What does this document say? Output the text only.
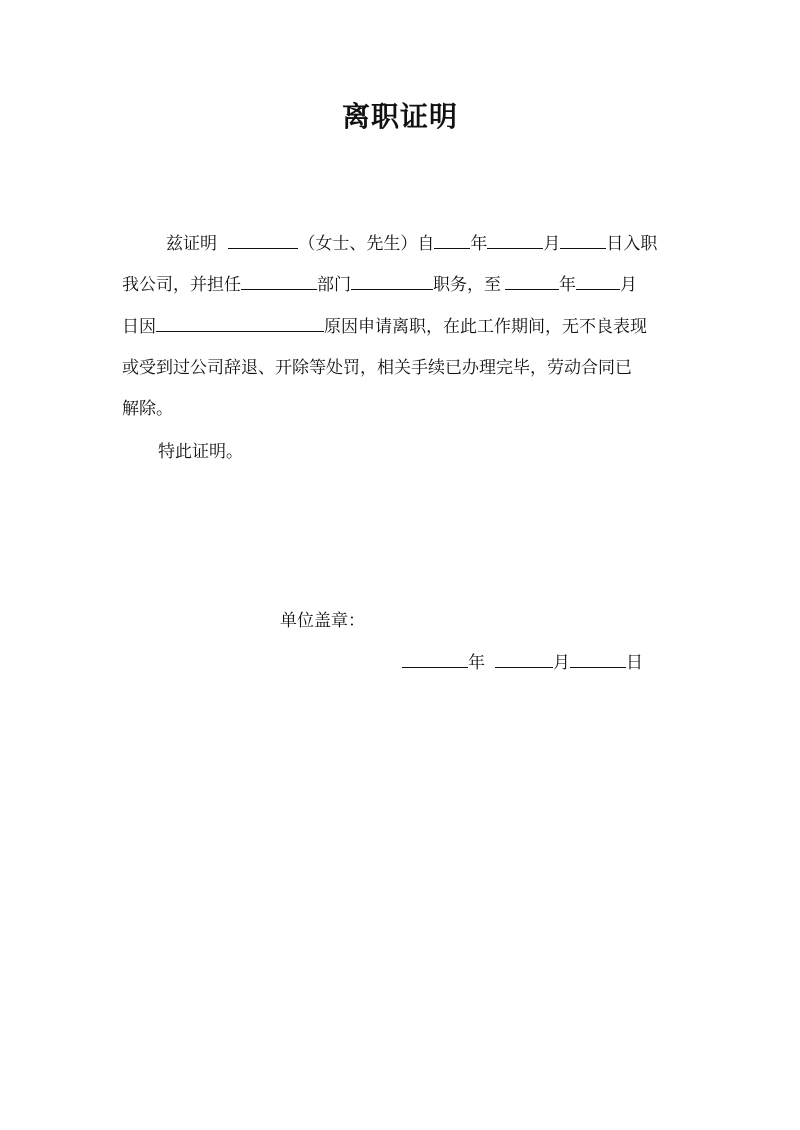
离职证明
兹证明	（女士、先生）自 年	月	日入职
我公司，并担任	部门	职务，至	年	月
日因	原因申请离职，在此工作期间，无不良表现
或受到过公司辞退、开除等处罚，相关手续已办理完毕，劳动合同已
解除。
特此证明。
单位盖章：
年	月	日
